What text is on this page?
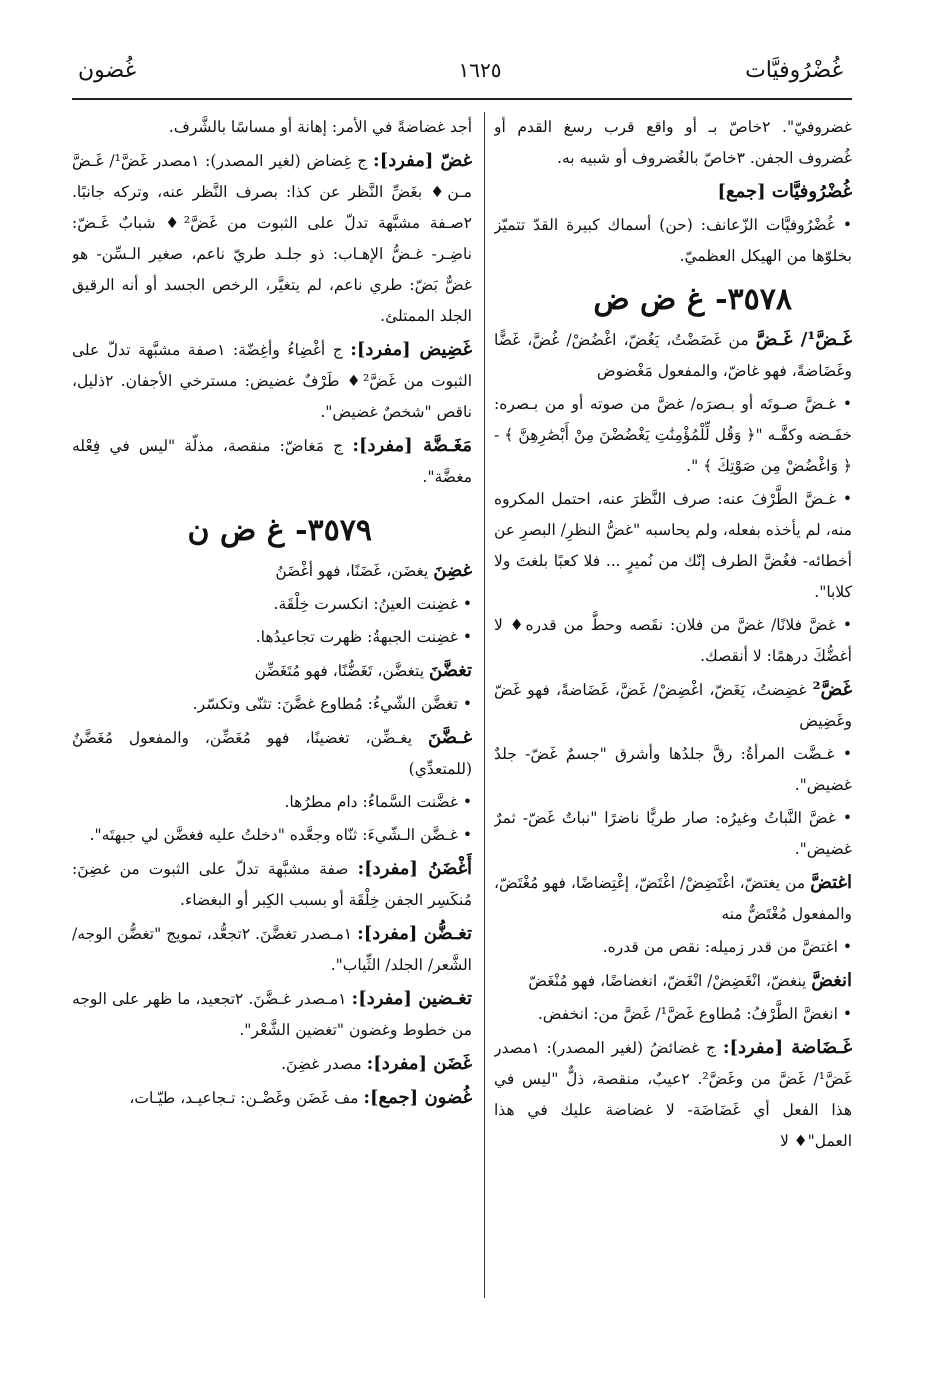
غُضْرُوفيَّات
١٦٢٥
غُضون

غضروفيّ". ٢خاصّ بـ أو واقع قرب رسغ القدم أو غُضروف الجفن. ٣خاصّ بالغُضروف أو شبيه به.

غُضْرُوفيَّات [جمع]

• غُضْرُوفيَّات الزّعانف: (حن) أسماك كبيرة القدّ تتميّز بخلوّها من الهيكل العظميّ.

٣٥٧٨- غ ض ض

غَـضَّ¹/ غَـضَّ من غَضَضْتُ، يَغُضّ، اغْضُضْ/ غُضَّ، غَضًّا وغَضَاضةً، فهو غاضّ، والمفعول مَغْضوض

• غـضَّ صـوتَه أو بـصرَه/ غضَّ من صوته أو من بـصره: خفَـضه وكفَّـه "﴿ وَقُل لِّلْمُؤْمِنَٰتِ يَغْضُضْنَ مِنْ أَبْصَٰرِهِنَّ ﴾ - ﴿ وَاغْضُضْ مِن صَوْتِكَ ﴾ ".

• غـضَّ الطَّرْفَ عنه: صرف النَّظرَ عنه، احتمل المكروه منه، لم يأخذه بفعله، ولم يحاسبه "غضُّ النظرِ/ البصرِ عن أخطائه- فغُضَّ الطرف إنّك من نُميرٍ ... فلا كعبًا بلغتَ ولا كلابا".

• غضَّ فلانًا/ غضَّ من فلان: نقَصه وحطَّ من قدره♦ لا أغضُّكَ درهمًا: لا أنقصك.

غَضَّ² غضِضتُ، يَغَضّ، اغْضِضْ/ غَضَّ، غَضَاضةً، فهو غَضّ وغَضِيض

• غـضَّت المرأةُ: رقَّ جلدُها وأشرق "جسمٌ غَضّ- جلدٌ غضيض".

• غضَّ النَّباتُ وغيرُه: صار طريًّا ناضرًا "نباتٌ غَضّ- ثمرٌ غضيض".

اغتضَّ من يغتضّ، اغْتَضِضْ/ اغْتَضّ، إغْتِضاضًا، فهو مُغْتَضّ، والمفعول مُغْتَضٌّ منه

• اغتضَّ من قدر زميله: نقص من قدره.

انغضَّ ينغضّ، انْغَضِضْ/ انْغَضّ، انغضاضًا، فهو مُنْغَضّ

• انغضَّ الطَّرْفُ: مُطاوع غَضَّ¹/ غَضَّ من: انخفض.

غَـضَاضة [مفرد]: ج غضائضُ (لغير المصدر): ١مصدر غَضَّ¹/ غَضَّ من وغَضَّ². ٢عيبٌ، منقصة، ذلٌّ "ليس في هذا الفعل أي غَضَاضَة- لا غضاضة عليك في هذا العمل"♦ لا

أجد غضاضةً في الأمر: إهانة أو مساسًا بالشَّرف.

غضّ [مفرد]: ج غِضاض (لغير المصدر): ١مصدر غَضَّ¹/ غَـضَّ مـن♦ بغَضِّ النَّظر عن كذا: بصرف النَّظر عنه، وتركه جانبًا. ٢صـفة مشبَّهة تدلّ على الثبوت من غَضَّ²♦ شبابٌ غَـضّ: ناضِـر- غـضُّ الإهـاب: ذو جلـد طريّ ناعم، صغير الـسِّن- هو غضٌّ بَضّ: طري ناعم، لم يتغيَّر، الرخص الجسد أو أنه الرقيق الجلد الممتلئ.

غَضِيض [مفرد]: ج أغْضِاءُ وأغِضّة: ١صفة مشبَّهة تدلّ على الثبوت من غَضَّ²♦ طَرْفٌ غضيض: مسترخي الأجفان. ٢ذليل، ناقص "شخصٌ غضيض".

مَغَـضَّة [مفرد]: ج مَغاضّ: منقصة، مذلّة "ليس في فِعْله مغضَّة".

٣٥٧٩- غ ض ن

غضِنَ يغضَن، غَضَنًا، فهو أغْضَنُ

• غضِنت العينُ: انكسرت خِلْقَة.

• غضِنت الجبهةُ: ظهرت تجاعيدُها.

تغضَّنَ يتغضَّن، تَغَضُّنًا، فهو مُتَغَضِّن

• تغضَّن الشّيءُ: مُطاوع غضَّنَ: تثنّى وتكسّر.

غـضَّنَ يغـضِّن، تغضينًا، فهو مُغَضِّن، والمفعول مُغَضَّنٌ (للمتعدِّي)

• غضَّنت السَّماءُ: دام مطرُها.

• غـضَّن الـشّيءَ: ثنّاه وجعَّده "دخلتُ عليه فغضَّن لي جبهتَه".

أَغْضَنُ [مفرد]: صفة مشبَّهة تدلّ على الثبوت من غضِنَ: مُنكَسِر الجفن خِلْقَة أو بسبب الكِبر أو البغضاء.

تغـضُّن [مفرد]: ١مـصدر تغضَّنَ. ٢تجعُّد، تمويج "تغضُّن الوجه/ الشَّعر/ الجلد/ الثِّياب".

تغـضين [مفرد]: ١مـصدر غـضَّنَ. ٢تجعيد، ما ظهر على الوجه من خطوط وغضون "تغضين الشَّعْر".

غَضَن [مفرد]: مصدر غضِنَ.

غُضون [جمع]: مف غَضَن وغَضْـن: تـجاعيـد، طيّـات،
